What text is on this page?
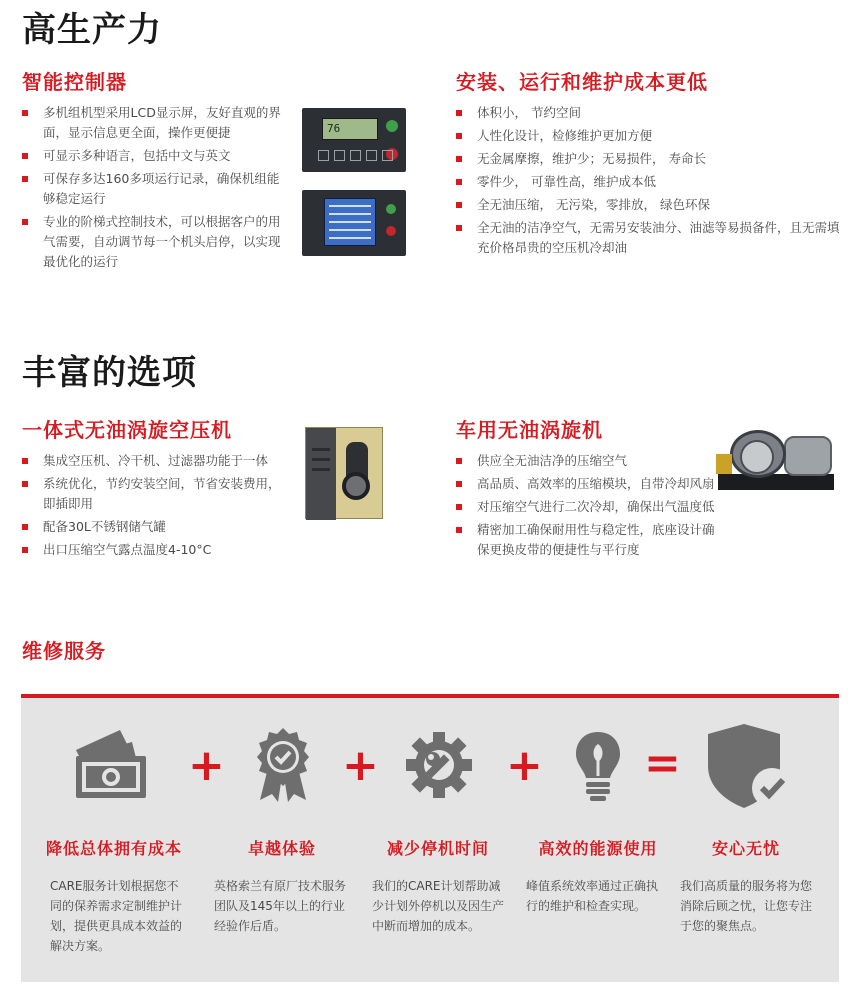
高生产力
智能控制器
多机组机型采用LCD显示屏，友好直观的界面，显示信息更全面，操作更便捷
可显示多种语言，包括中文与英文
可保存多达160多项运行记录，确保机组能够稳定运行
专业的阶梯式控制技术，可以根据客户的用气需要，自动调节每一个机头启停，以实现最优化的运行
76
安装、运行和维护成本更低
体积小， 节约空间
人性化设计，检修维护更加方便
无金属摩擦，维护少；无易损件， 寿命长
零件少， 可靠性高，维护成本低
全无油压缩， 无污染，零排放， 绿色环保
全无油的洁净空气，无需另安装油分、油滤等易损备件，且无需填充价格昂贵的空压机冷却油
丰富的选项
一体式无油涡旋空压机
集成空压机、冷干机、过滤器功能于一体
系统优化，节约安装空间，节省安装费用，即插即用
配备30L不锈钢储气罐
出口压缩空气露点温度4-10°C
车用无油涡旋机
供应全无油洁净的压缩空气
高品质、高效率的压缩模块，自带冷却风扇
对压缩空气进行二次冷却，确保出气温度低
精密加工确保耐用性与稳定性，底座设计确保更换皮带的便捷性与平行度
维修服务
+	+	+ =
降低总体拥有成本	卓越体验	减少停机时间	高效的能源使用	安心无忧
CARE服务计划根据您不同的保养需求定制维护计划，提供更具成本效益的解决方案。
英格索兰有原厂技术服务团队及145年以上的行业经验作后盾。
我们的CARE计划帮助减少计划外停机以及因生产中断而增加的成本。
峰值系统效率通过正确执行的维护和检查实现。
我们高质量的服务将为您消除后顾之忧，让您专注于您的聚焦点。
